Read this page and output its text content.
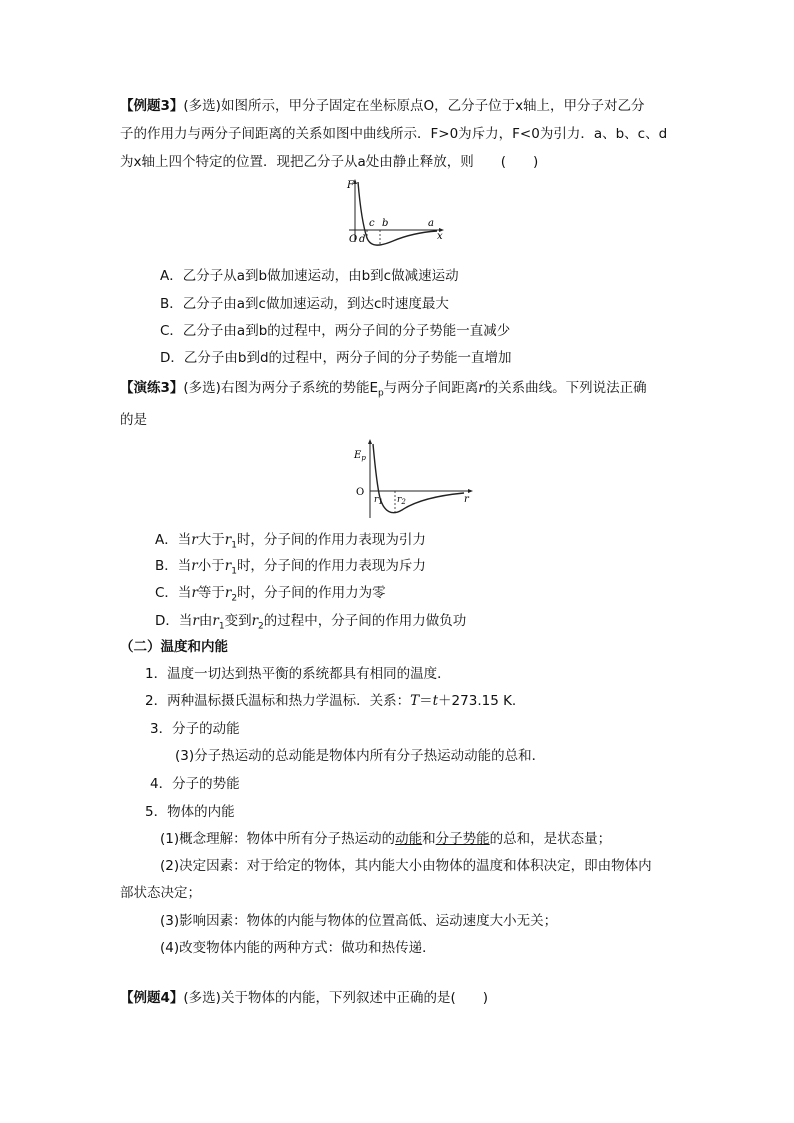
【例题3】(多选)如图所示，甲分子固定在坐标原点O，乙分子位于x轴上，甲分子对乙分
子的作用力与两分子间距离的关系如图中曲线所示．F>0为斥力，F<0为引力．a、b、c、d
为x轴上四个特定的位置．现把乙分子从a处由静止释放，则　　(　　)
F
O d
c b	a
x
A．乙分子从a到b做加速运动，由b到c做减速运动
B．乙分子由a到c做加速运动，到达c时速度最大
C．乙分子由a到b的过程中，两分子间的分子势能一直减少
D．乙分子由b到d的过程中，两分子间的分子势能一直增加
【演练3】(多选)右图为两分子系统的势能$E_p$与两分子间距离r的关系曲线。下列说法正确
的是
$E_p$
O
$r_1$ $r_2$	r
A．当r大于$r_1$时，分子间的作用力表现为引力
B．当r小于$r_1$时，分子间的作用力表现为斥力
C．当r等于$r_2$时，分子间的作用力为零
D．当r由$r_1$变到$r_2$的过程中，分子间的作用力做负功
（二）温度和内能
1．温度一切达到热平衡的系统都具有相同的温度．
2．两种温标摄氏温标和热力学温标．关系：T＝t＋273.15 K.
3．分子的动能
(3)分子热运动的总动能是物体内所有分子热运动动能的总和．
4．分子的势能
5．物体的内能
(1)概念理解：物体中所有分子热运动的动能和分子势能的总和，是状态量；
(2)决定因素：对于给定的物体，其内能大小由物体的温度和体积决定，即由物体内
部状态决定；
(3)影响因素：物体的内能与物体的位置高低、运动速度大小无关；
(4)改变物体内能的两种方式：做功和热传递．
【例题4】(多选)关于物体的内能，下列叙述中正确的是(　　)
